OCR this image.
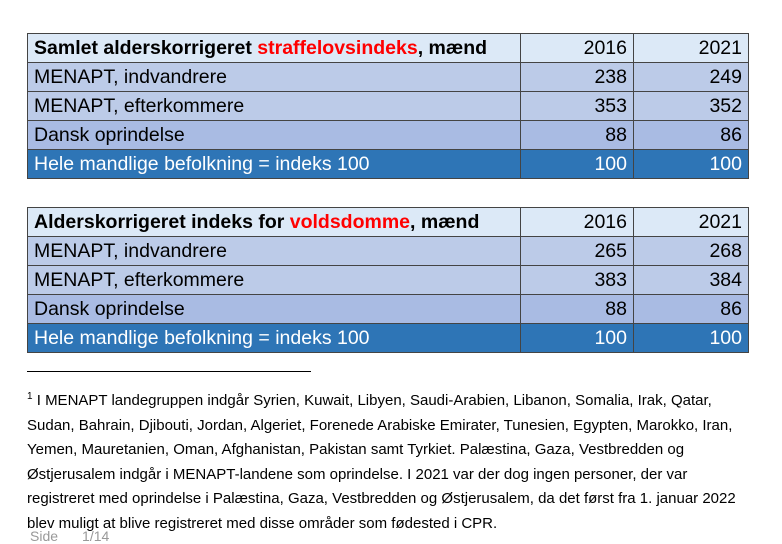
Samlet alderskorrigeret straffelovsindeks, mænd	2016	2021
MENAPT, indvandrere	238	249
MENAPT, efterkommere	353	352
Dansk oprindelse	88	86
Hele mandlige befolkning = indeks 100	100	100
Alderskorrigeret indeks for voldsdomme, mænd	2016	2021
MENAPT, indvandrere	265	268
MENAPT, efterkommere	383	384
Dansk oprindelse	88	86
Hele mandlige befolkning = indeks 100	100	100

$^1$ I MENAPT landegruppen indgår Syrien, Kuwait, Libyen, Saudi-Arabien, Libanon, Somalia, Irak, Qatar, Sudan, Bahrain, Djibouti, Jordan, Algeriet, Forenede Arabiske Emirater, Tunesien, Egypten, Marokko, Iran, Yemen, Mauretanien, Oman, Afghanistan, Pakistan samt Tyrkiet. Palæstina, Gaza, Vestbredden og Østjerusalem indgår i MENAPT-landene som oprindelse. I 2021 var der dog ingen personer, der var registreret med oprindelse i Palæstina, Gaza, Vestbredden og Østjerusalem, da det først fra 1. januar 2022 blev muligt at blive registreret med disse områder som fødested i CPR.

Side 1/14
